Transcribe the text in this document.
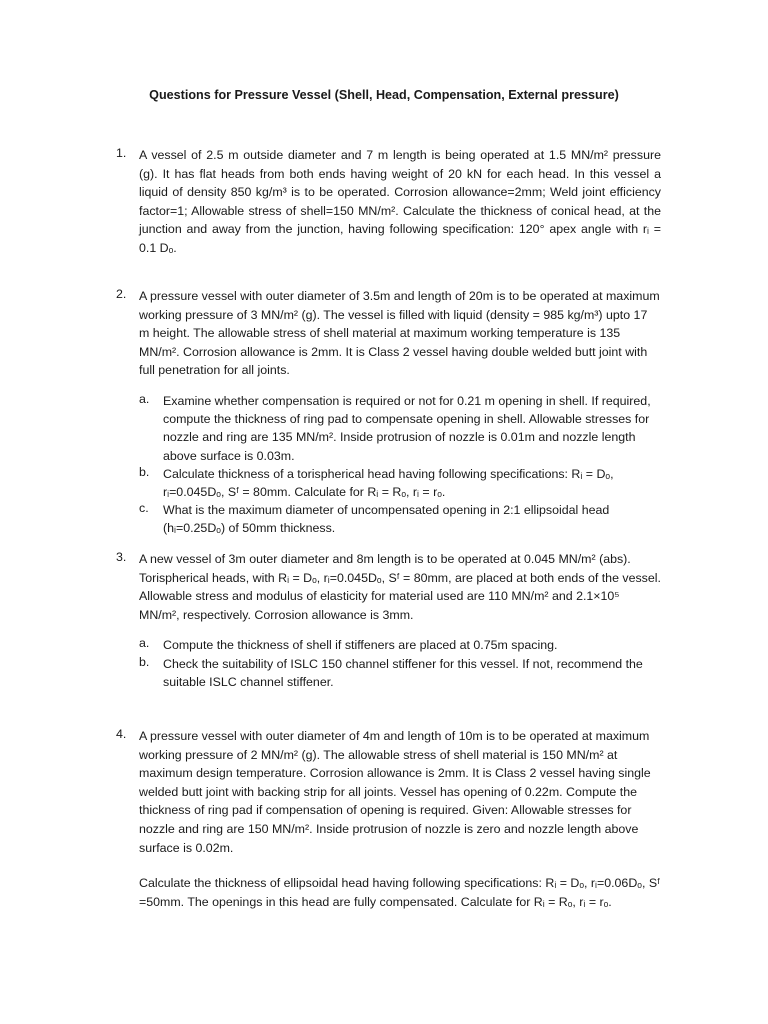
Questions for Pressure Vessel (Shell, Head, Compensation, External pressure)
1.	A vessel of 2.5 m outside diameter and 7 m length is being operated at 1.5 MN/m² pressure (g). It has flat heads from both ends having weight of 20 kN for each head. In this vessel a liquid of density 850 kg/m³ is to be operated. Corrosion allowance=2mm; Weld joint efficiency factor=1; Allowable stress of shell=150 MN/m². Calculate the thickness of conical head, at the junction and away from the junction, having following specification: 120° apex angle with rᵢ = 0.1 Dₒ.
2.	A pressure vessel with outer diameter of 3.5m and length of 20m is to be operated at maximum working pressure of 3 MN/m² (g). The vessel is filled with liquid (density = 985 kg/m³) upto 17 m height. The allowable stress of shell material at maximum working temperature is 135 MN/m². Corrosion allowance is 2mm. It is Class 2 vessel having double welded butt joint with full penetration for all joints.
a.	Examine whether compensation is required or not for 0.21 m opening in shell. If required, compute the thickness of ring pad to compensate opening in shell. Allowable stresses for nozzle and ring are 135 MN/m². Inside protrusion of nozzle is 0.01m and nozzle length above surface is 0.03m.
b.	Calculate thickness of a torispherical head having following specifications: Rᵢ = Dₒ, rᵢ=0.045Dₒ, Sᶠ = 80mm. Calculate for Rᵢ = Rₒ, rᵢ = rₒ.
c.	What is the maximum diameter of uncompensated opening in 2:1 ellipsoidal head (hᵢ=0.25Dₒ) of 50mm thickness.
3.	A new vessel of 3m outer diameter and 8m length is to be operated at 0.045 MN/m² (abs). Torispherical heads, with Rᵢ = Dₒ, rᵢ=0.045Dₒ, Sᶠ = 80mm, are placed at both ends of the vessel. Allowable stress and modulus of elasticity for material used are 110 MN/m² and 2.1×10⁵ MN/m², respectively. Corrosion allowance is 3mm.
a.	Compute the thickness of shell if stiffeners are placed at 0.75m spacing.
b.	Check the suitability of ISLC 150 channel stiffener for this vessel. If not, recommend the suitable ISLC channel stiffener.
4.	A pressure vessel with outer diameter of 4m and length of 10m is to be operated at maximum working pressure of 2 MN/m² (g). The allowable stress of shell material is 150 MN/m² at maximum design temperature. Corrosion allowance is 2mm. It is Class 2 vessel having single welded butt joint with backing strip for all joints. Vessel has opening of 0.22m. Compute the thickness of ring pad if compensation of opening is required. Given: Allowable stresses for nozzle and ring are 150 MN/m². Inside protrusion of nozzle is zero and nozzle length above surface is 0.02m.
Calculate the thickness of ellipsoidal head having following specifications: Rᵢ = Dₒ, rᵢ=0.06Dₒ, Sᶠ =50mm. The openings in this head are fully compensated. Calculate for Rᵢ = Rₒ, rᵢ = rₒ.
